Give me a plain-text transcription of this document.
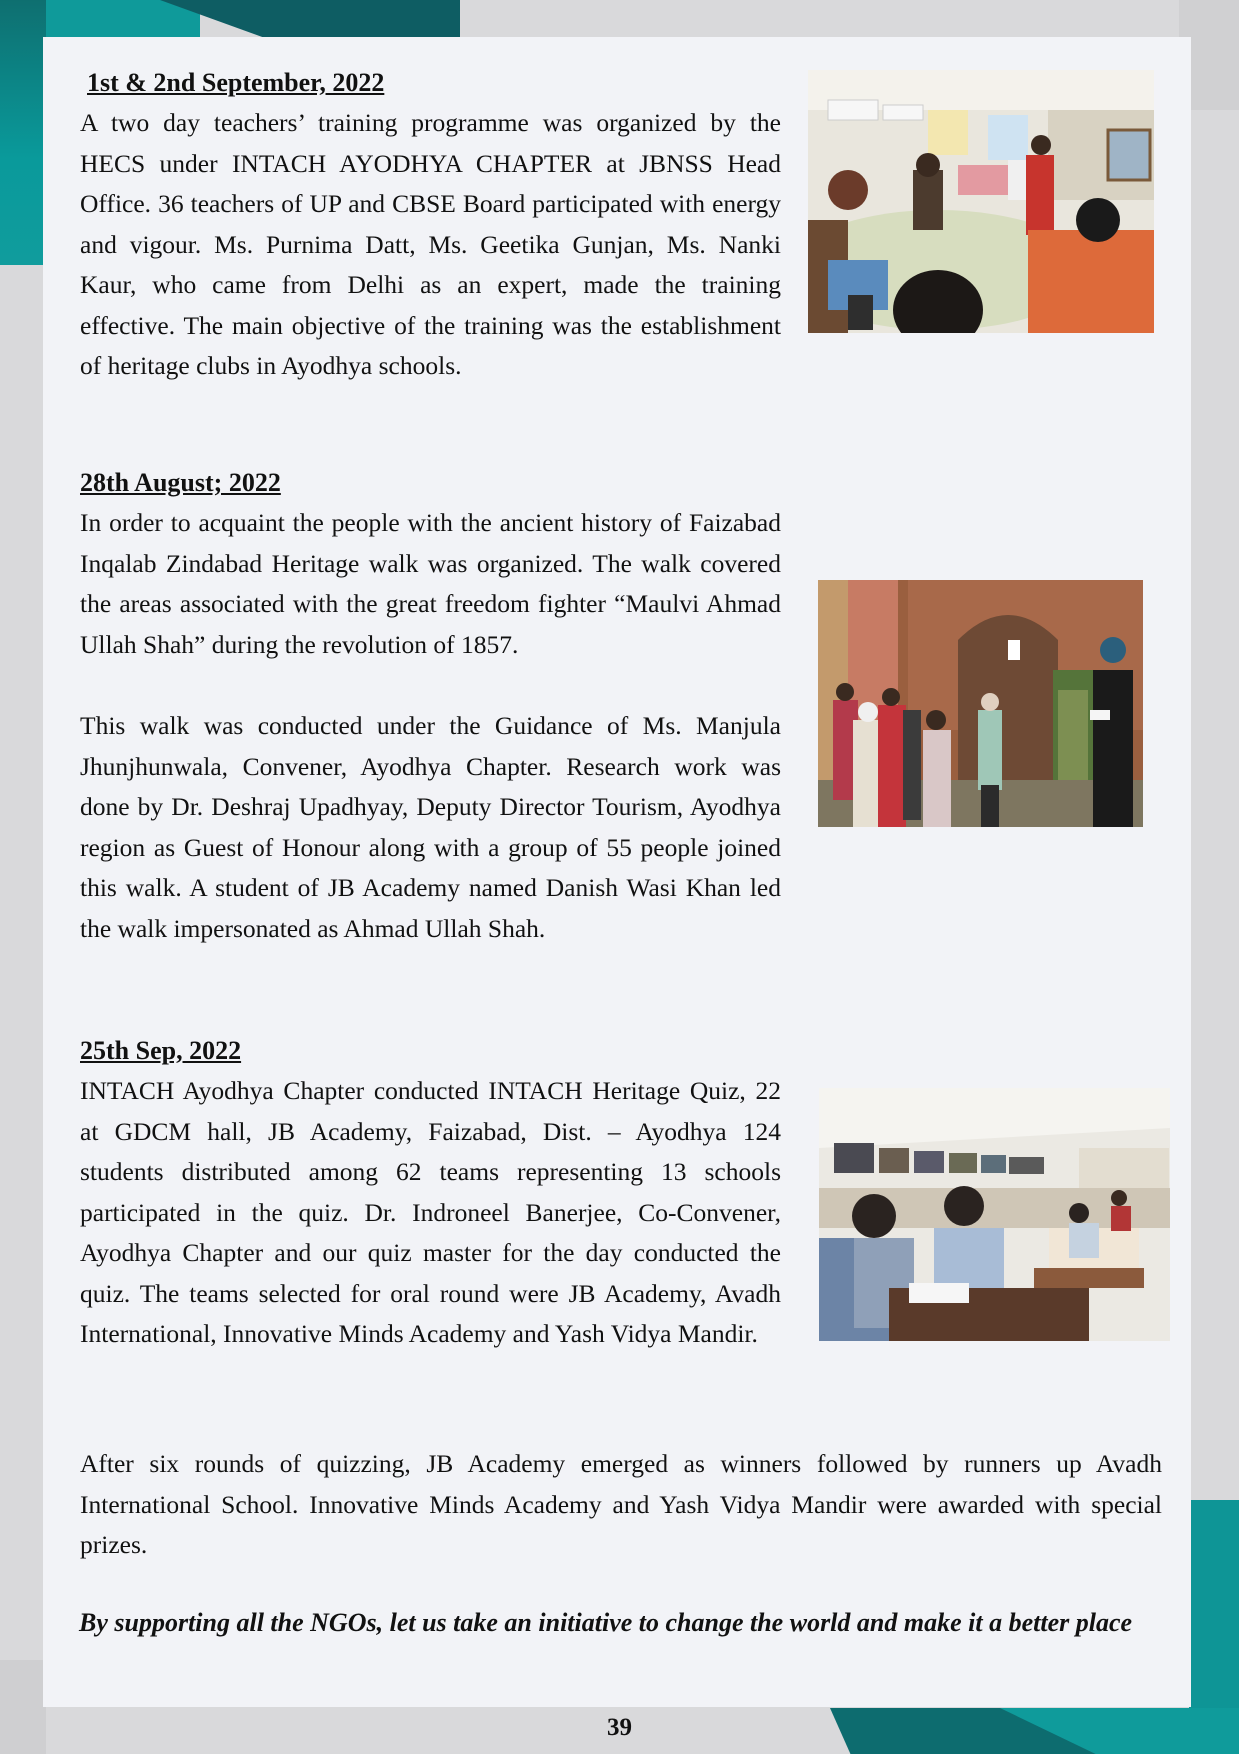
1st & 2nd September, 2022

A two day teachers’ training programme was organized by the HECS under INTACH AYODHYA CHAPTER at JBNSS Head Office. 36 teachers of UP and CBSE Board participated with energy and vigour. Ms. Purnima Datt, Ms. Geetika Gunjan, Ms. Nanki Kaur, who came from Delhi as an expert, made the training effective. The main objective of the training was the establishment of heritage clubs in Ayodhya schools.

28th August; 2022

In order to acquaint the people with the ancient history of Faizabad Inqalab Zindabad Heritage walk was organized. The walk covered the areas associated with the great freedom fighter “Maulvi Ahmad Ullah Shah” during the revolution of 1857.

This walk was conducted under the Guidance of Ms. Manjula Jhunjhunwala, Convener, Ayodhya Chapter. Research work was done by Dr. Deshraj Upadhyay, Deputy Director Tourism, Ayodhya region as Guest of Honour along with a group of 55 people joined this walk. A student of JB Academy named Danish Wasi Khan led the walk impersonated as Ahmad Ullah Shah.

25th Sep, 2022

INTACH Ayodhya Chapter conducted INTACH Heritage Quiz, 22 at GDCM hall, JB Academy, Faizabad, Dist. – Ayodhya 124 students distributed among 62 teams representing 13 schools participated in the quiz. Dr. Indroneel Banerjee, Co-Convener, Ayodhya Chapter and our quiz master for the day conducted the quiz. The teams selected for oral round were JB Academy, Avadh International, Innovative Minds Academy and Yash Vidya Mandir.

After six rounds of quizzing, JB Academy emerged as winners followed by runners up Avadh International School. Innovative Minds Academy and Yash Vidya Mandir were awarded with special prizes.

By supporting all the NGOs, let us take an initiative to change the world and make it a better place

39
